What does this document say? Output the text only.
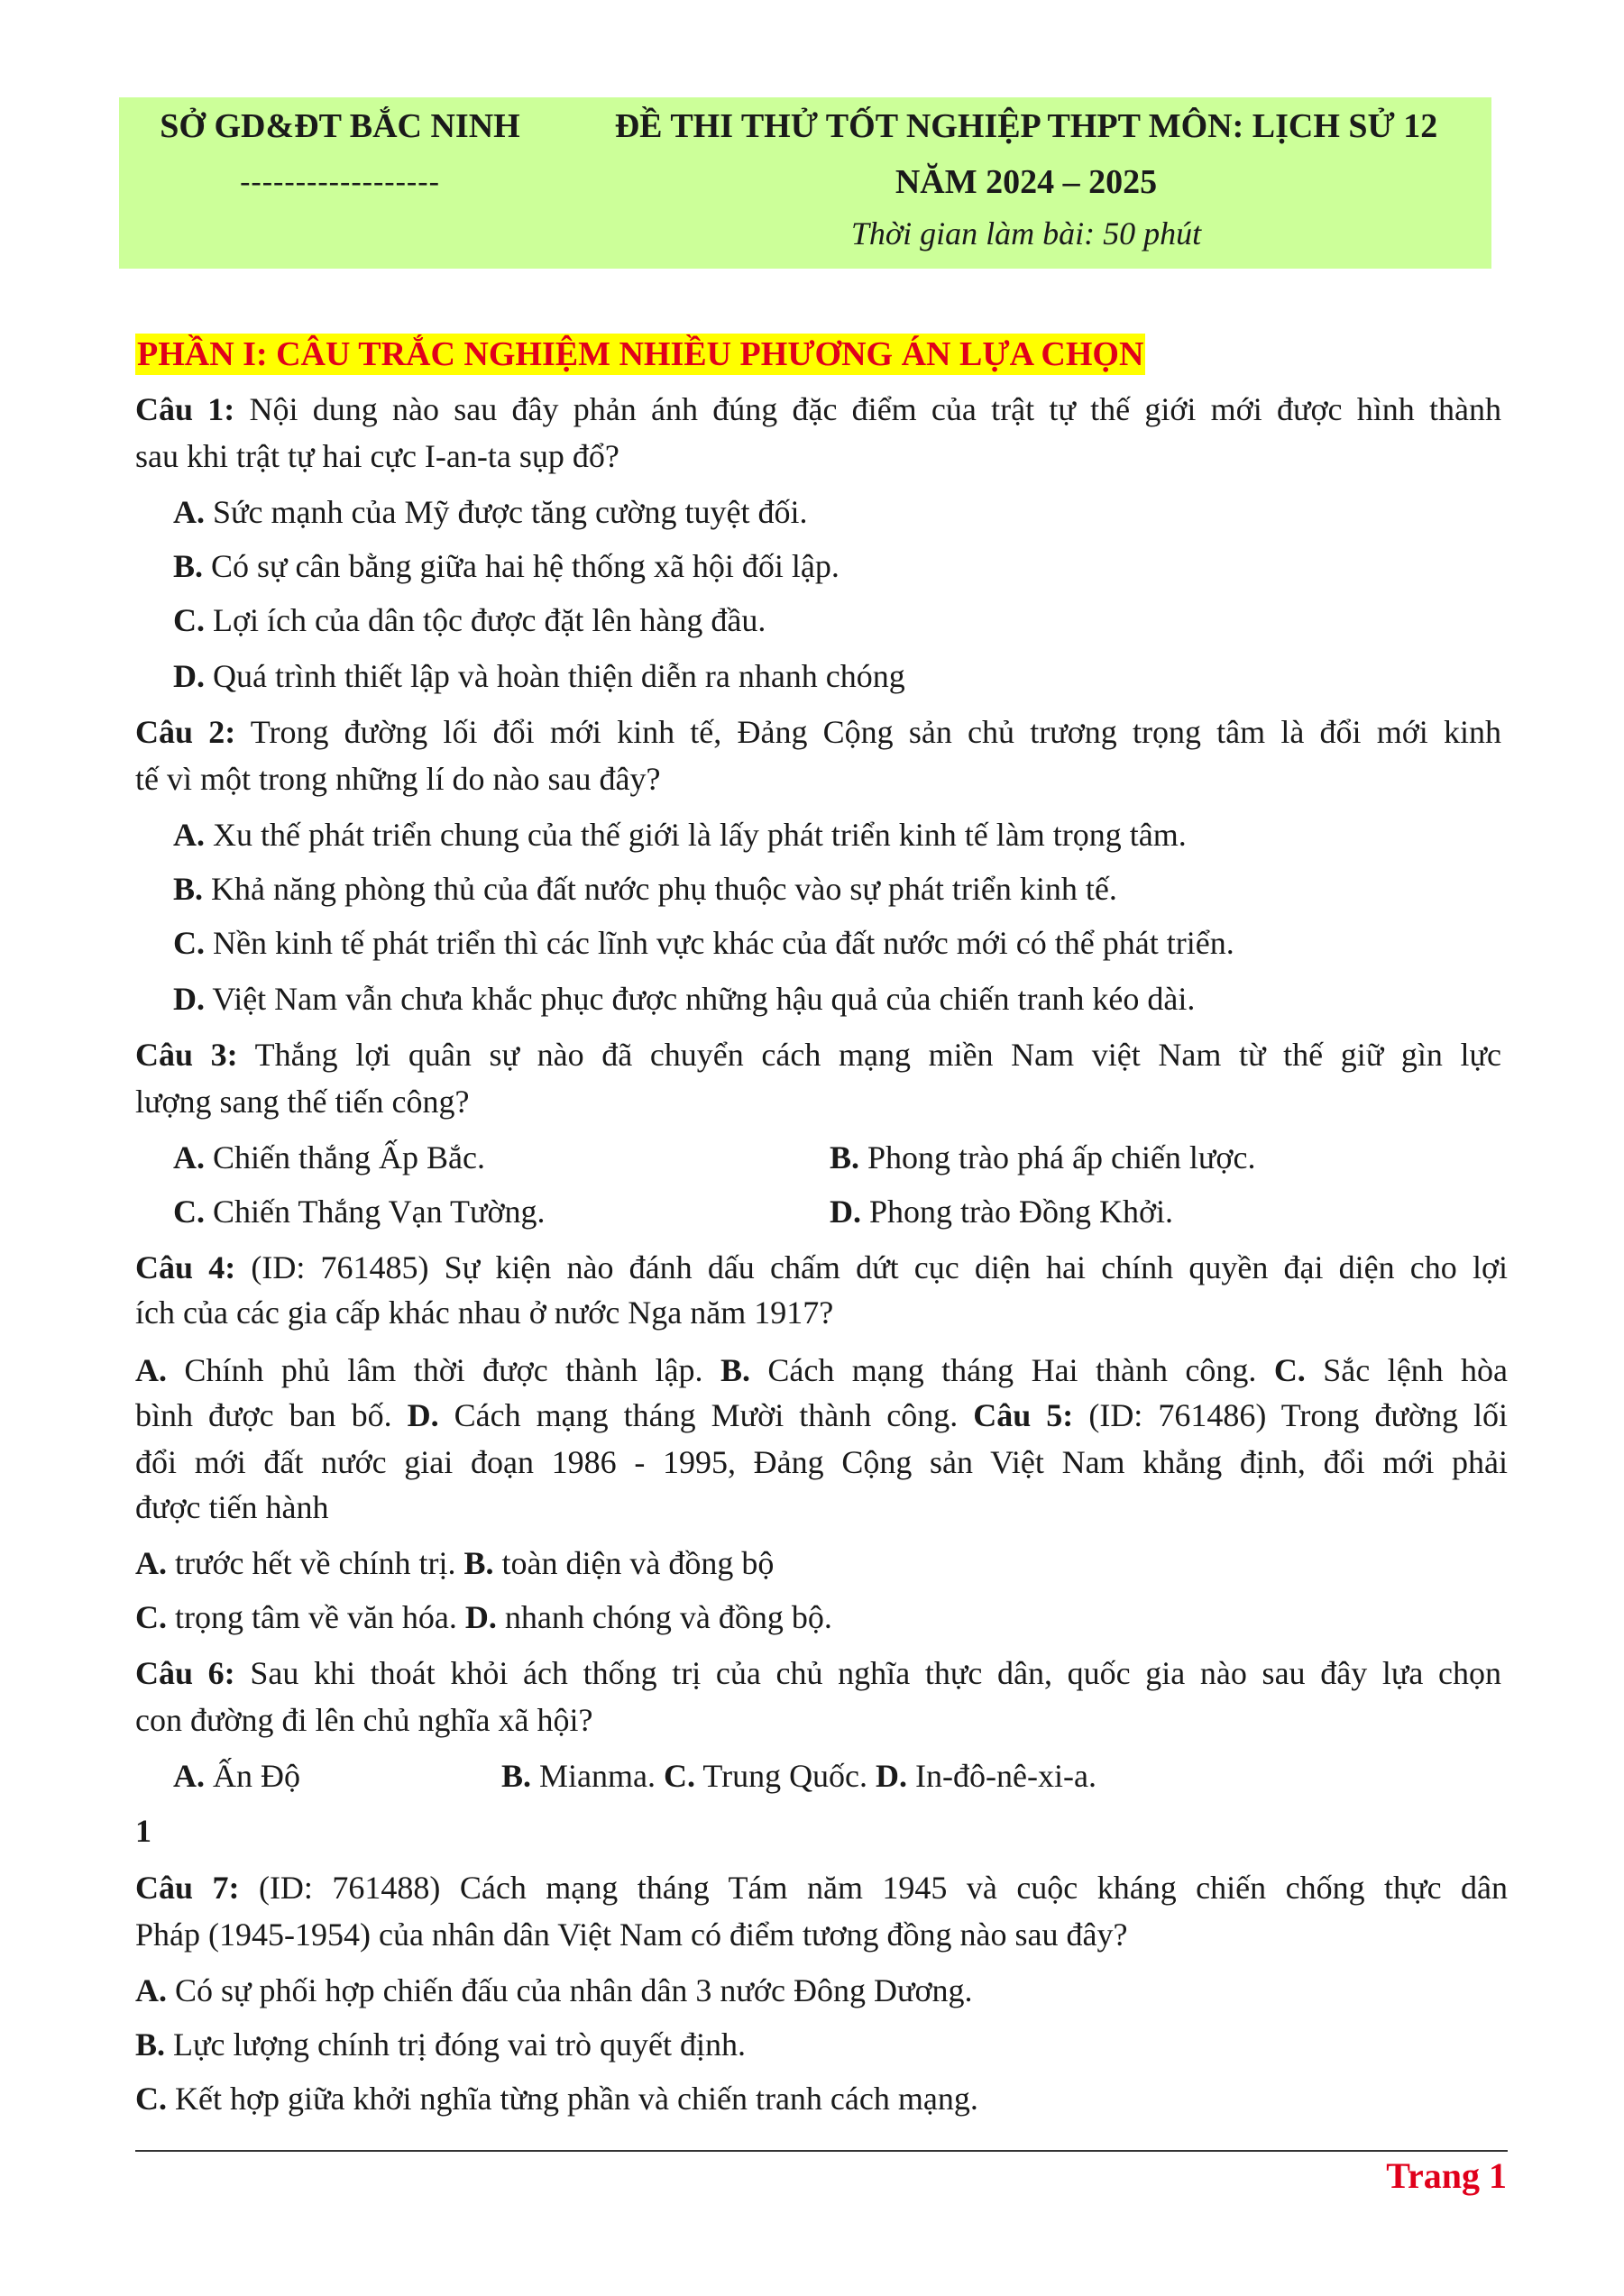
SỞ GD&ĐT BẮC NINH
------------------
ĐỀ THI THỬ TỐT NGHIỆP THPT MÔN: LỊCH SỬ 12
NĂM 2024 – 2025
Thời gian làm bài: 50 phút
PHẦN I: CÂU TRẮC NGHIỆM NHIỀU PHƯƠNG ÁN LỰA CHỌN
Câu 1: Nội dung nào sau đây phản ánh đúng đặc điểm của trật tự thế giới mới được hình thành
sau khi trật tự hai cực I-an-ta sụp đổ?
A. Sức mạnh của Mỹ được tăng cường tuyệt đối.
B. Có sự cân bằng giữa hai hệ thống xã hội đối lập.
C. Lợi ích của dân tộc được đặt lên hàng đầu.
D. Quá trình thiết lập và hoàn thiện diễn ra nhanh chóng
Câu 2: Trong đường lối đổi mới kinh tế, Đảng Cộng sản chủ trương trọng tâm là đổi mới kinh
tế vì một trong những lí do nào sau đây?
A. Xu thế phát triển chung của thế giới là lấy phát triển kinh tế làm trọng tâm.
B. Khả năng phòng thủ của đất nước phụ thuộc vào sự phát triển kinh tế.
C. Nền kinh tế phát triển thì các lĩnh vực khác của đất nước mới có thể phát triển.
D. Việt Nam vẫn chưa khắc phục được những hậu quả của chiến tranh kéo dài.
Câu 3: Thắng lợi quân sự nào đã chuyển cách mạng miền Nam việt Nam từ thế giữ gìn lực
lượng sang thế tiến công?
A. Chiến thắng Ấp Bắc.	B. Phong trào phá ấp chiến lược.
C. Chiến Thắng Vạn Tường.	D. Phong trào Đồng Khởi.
Câu 4: (ID: 761485) Sự kiện nào đánh dấu chấm dứt cục diện hai chính quyền đại diện cho lợi
ích của các gia cấp khác nhau ở nước Nga năm 1917?
A. Chính phủ lâm thời được thành lập. B. Cách mạng tháng Hai thành công. C. Sắc lệnh hòa
bình được ban bố. D. Cách mạng tháng Mười thành công. Câu 5: (ID: 761486) Trong đường lối
đổi mới đất nước giai đoạn 1986 - 1995, Đảng Cộng sản Việt Nam khẳng định, đổi mới phải
được tiến hành
A. trước hết về chính trị. B. toàn diện và đồng bộ
C. trọng tâm về văn hóa. D. nhanh chóng và đồng bộ.
Câu 6: Sau khi thoát khỏi ách thống trị của chủ nghĩa thực dân, quốc gia nào sau đây lựa chọn
con đường đi lên chủ nghĩa xã hội?
A. Ấn Độ	B. Mianma. C. Trung Quốc. D. In-đô-nê-xi-a.
1
Câu 7: (ID: 761488) Cách mạng tháng Tám năm 1945 và cuộc kháng chiến chống thực dân
Pháp (1945-1954) của nhân dân Việt Nam có điểm tương đồng nào sau đây?
A. Có sự phối hợp chiến đấu của nhân dân 3 nước Đông Dương.
B. Lực lượng chính trị đóng vai trò quyết định.
C. Kết hợp giữa khởi nghĩa từng phần và chiến tranh cách mạng.
Trang 1
